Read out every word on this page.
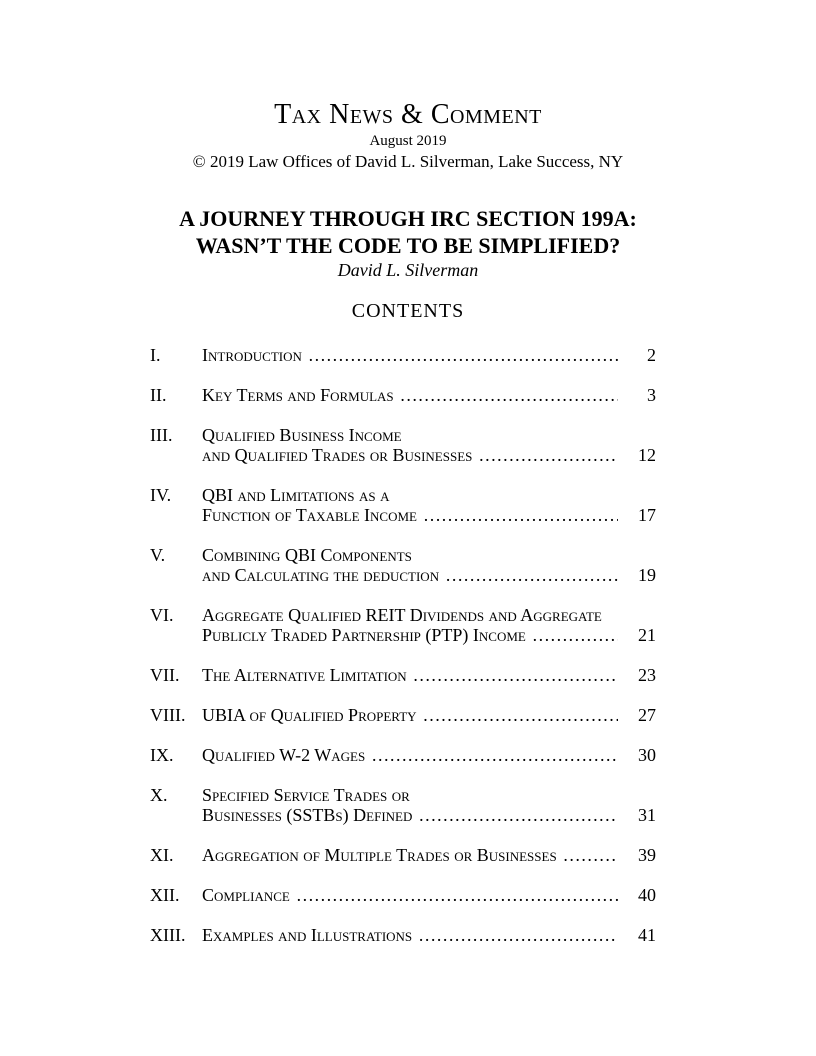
Tax News & Comment
August 2019
© 2019 Law Offices of David L. Silverman, Lake Success, NY
A JOURNEY THROUGH IRC SECTION 199A:
WASN’T THE CODE TO BE SIMPLIFIED?
David L. Silverman
CONTENTS
I.	Introduction …………………………………………………………………………………………………………………………	2
II.	Key Terms and Formulas …………………………………………………………………………………………………………………………	3
III.	Qualified Business Income
and Qualified Trades or Businesses …………………………………………………………………………………………………………………………	12
IV.	QBI and Limitations as a
Function of Taxable Income …………………………………………………………………………………………………………………………	17
V.	Combining QBI Components
and Calculating the deduction …………………………………………………………………………………………………………………………	19
VI.	Aggregate Qualified REIT Dividends and Aggregate
Publicly Traded Partnership (PTP) Income …………………………………………………………………………………………………………………………	21
VII.	The Alternative Limitation …………………………………………………………………………………………………………………………	23
VIII. UBIA of Qualified Property …………………………………………………………………………………………………………………………	27
IX.	Qualified W-2 Wages …………………………………………………………………………………………………………………………	30
X.	Specified Service Trades or
Businesses (SSTBs) Defined …………………………………………………………………………………………………………………………	31
XI.	Aggregation of Multiple Trades or Businesses …………………………………………………………………………………………………………………………	39
XII.	Compliance …………………………………………………………………………………………………………………………	40
XIII. Examples and Illustrations …………………………………………………………………………………………………………………………	41
